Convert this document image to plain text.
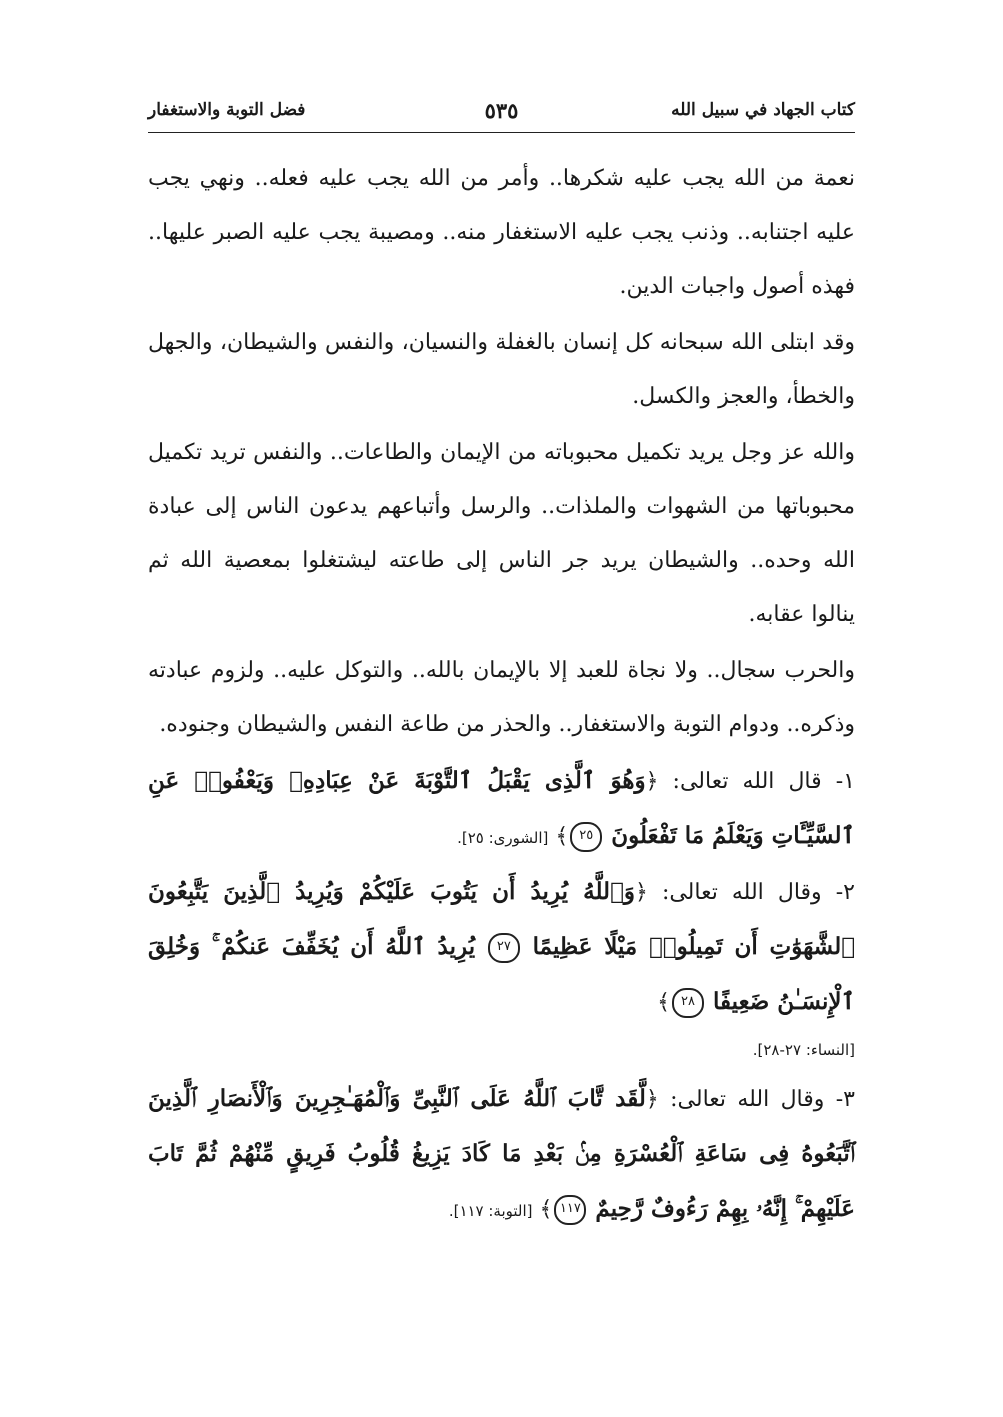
كتاب الجهاد في سبيل الله
٥٣٥
فضل التوبة والاستغفار

نعمة من الله يجب عليه شكرها.. وأمر من الله يجب عليه فعله.. ونهي يجب عليه اجتنابه.. وذنب يجب عليه الاستغفار منه.. ومصيبة يجب عليه الصبر عليها.. فهذه أصول واجبات الدين.

وقد ابتلى الله سبحانه كل إنسان بالغفلة والنسيان، والنفس والشيطان، والجهل والخطأ، والعجز والكسل.

والله عز وجل يريد تكميل محبوباته من الإيمان والطاعات.. والنفس تريد تكميل محبوباتها من الشهوات والملذات.. والرسل وأتباعهم يدعون الناس إلى عبادة الله وحده.. والشيطان يريد جر الناس إلى طاعته ليشتغلوا بمعصية الله ثم ينالوا عقابه.

والحرب سجال.. ولا نجاة للعبد إلا بالإيمان بالله.. والتوكل عليه.. ولزوم عبادته وذكره.. ودوام التوبة والاستغفار.. والحذر من طاعة النفس والشيطان وجنوده.

١- قال الله تعالى: ﴿وَهُوَ ٱلَّذِى يَقْبَلُ ٱلتَّوْبَةَ عَنْ عِبَادِهِۦ وَيَعْفُوا۟ عَنِ ٱلسَّيِّـَٔاتِ وَيَعْلَمُ مَا تَفْعَلُونَ ٢٥﴾ [الشورى: ٢٥].

٢- وقال الله تعالى: ﴿وَٱللَّهُ يُرِيدُ أَن يَتُوبَ عَلَيْكُمْ وَيُرِيدُ ٱلَّذِينَ يَتَّبِعُونَ ٱلشَّهَوَٰتِ أَن تَمِيلُوا۟ مَيْلًا عَظِيمًا ٢٧ يُرِيدُ ٱللَّهُ أَن يُخَفِّفَ عَنكُمْ ۚ وَخُلِقَ ٱلْإِنسَـٰنُ ضَعِيفًا ٢٨﴾

[النساء: ٢٧-٢٨].

٣- وقال الله تعالى: ﴿لَّقَد تَّابَ ٱللَّهُ عَلَى ٱلنَّبِىِّ وَٱلْمُهَـٰجِرِينَ وَٱلْأَنصَارِ ٱلَّذِينَ ٱتَّبَعُوهُ فِى سَاعَةِ ٱلْعُسْرَةِ مِنۢ بَعْدِ مَا كَادَ يَزِيغُ قُلُوبُ فَرِيقٍ مِّنْهُمْ ثُمَّ تَابَ عَلَيْهِمْ ۚ إِنَّهُۥ بِهِمْ رَءُوفٌ رَّحِيمٌ ١١٧﴾ [التوبة: ١١٧].
